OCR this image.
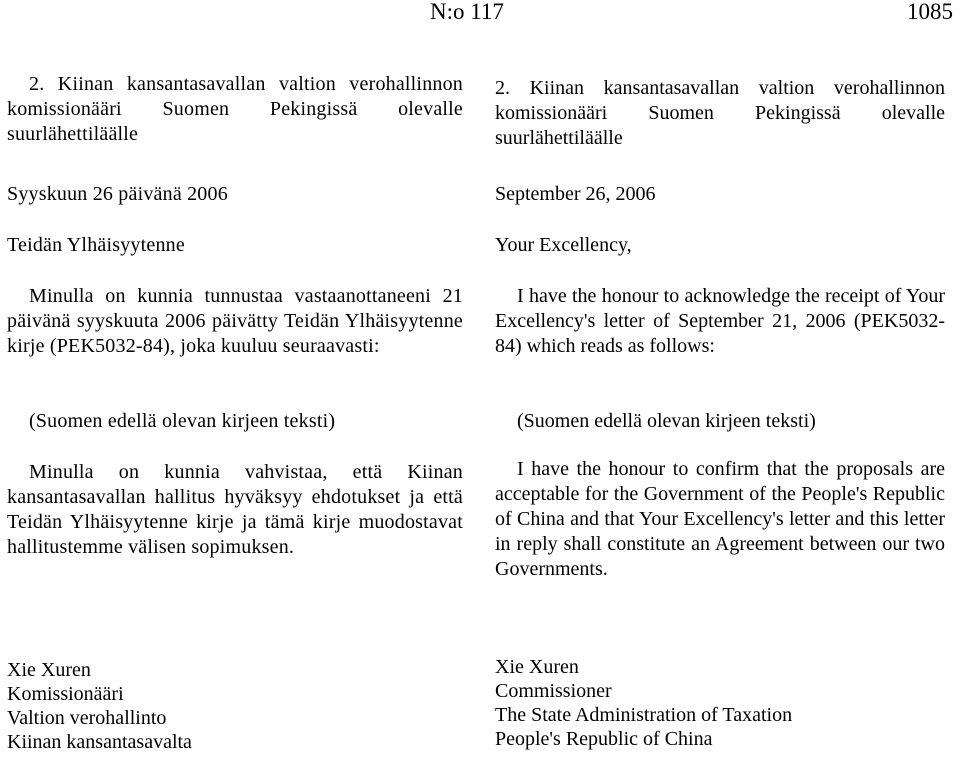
N:o 117	1085

2. Kiinan kansantasavallan valtion verohallinnon komissionääri Suomen Pekingissä olevalle suurlähettiläälle

Syyskuun 26 päivänä 2006

Teidän Ylhäisyytenne

Minulla on kunnia tunnustaa vastaanottaneeni 21 päivänä syyskuuta 2006 päivätty Teidän Ylhäisyytenne kirje (PEK5032-84), joka kuuluu seuraavasti:

(Suomen edellä olevan kirjeen teksti)

Minulla on kunnia vahvistaa, että Kiinan kansantasavallan hallitus hyväksyy ehdotukset ja että Teidän Ylhäisyytenne kirje ja tämä kirje muodostavat hallitustemme välisen sopimuksen.

2. Kiinan kansantasavallan valtion verohallinnon komissionääri Suomen Pekingissä olevalle suurlähettiläälle

September 26, 2006

Your Excellency,

I have the honour to acknowledge the receipt of Your Excellency's letter of September 21, 2006 (PEK5032-84) which reads as follows:

(Suomen edellä olevan kirjeen teksti)

I have the honour to confirm that the proposals are acceptable for the Government of the People's Republic of China and that Your Excellency's letter and this letter in reply shall constitute an Agreement between our two Governments.

Xie Xuren
Komissionääri
Valtion verohallinto
Kiinan kansantasavalta
Xie Xuren
Commissioner
The State Administration of Taxation
People's Republic of China
